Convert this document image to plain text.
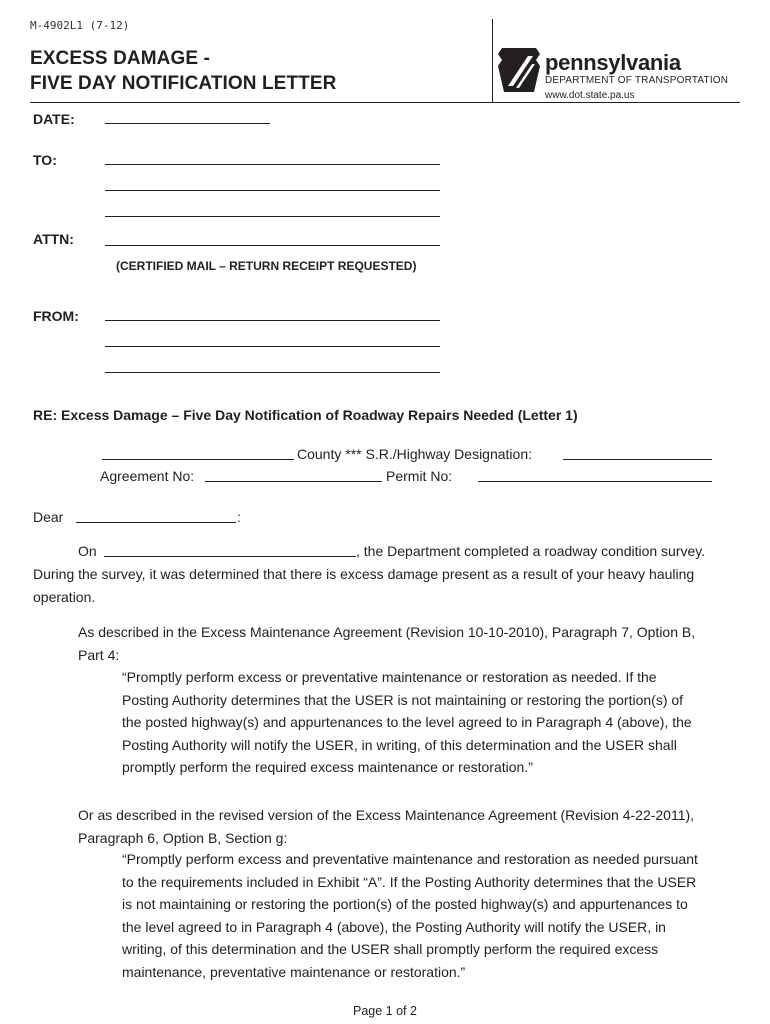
M-4902L1 (7-12)
EXCESS DAMAGE -
FIVE DAY NOTIFICATION LETTER
pennsylvania
DEPARTMENT OF TRANSPORTATION
www.dot.state.pa.us
DATE:
TO:
ATTN:
(CERTIFIED MAIL – RETURN RECEIPT REQUESTED)
FROM:
RE: Excess Damage – Five Day Notification of Roadway Repairs Needed (Letter 1)
County *** S.R./Highway Designation:
Agreement No:	Permit No:
Dear	:
On	, the Department completed a roadway condition survey.
During the survey, it was determined that there is excess damage present as a result of your heavy hauling
operation.
As described in the Excess Maintenance Agreement (Revision 10-10-2010), Paragraph 7, Option B,
Part 4:
“Promptly perform excess or preventative maintenance or restoration as needed. If the
Posting Authority determines that the USER is not maintaining or restoring the portion(s) of
the posted highway(s) and appurtenances to the level agreed to in Paragraph 4 (above), the
Posting Authority will notify the USER, in writing, of this determination and the USER shall
promptly perform the required excess maintenance or restoration.”
Or as described in the revised version of the Excess Maintenance Agreement (Revision 4-22-2011),
Paragraph 6, Option B, Section g:
“Promptly perform excess and preventative maintenance and restoration as needed pursuant
to the requirements included in Exhibit “A”. If the Posting Authority determines that the USER
is not maintaining or restoring the portion(s) of the posted highway(s) and appurtenances to
the level agreed to in Paragraph 4 (above), the Posting Authority will notify the USER, in
writing, of this determination and the USER shall promptly perform the required excess
maintenance, preventative maintenance or restoration.”
Page 1 of 2
